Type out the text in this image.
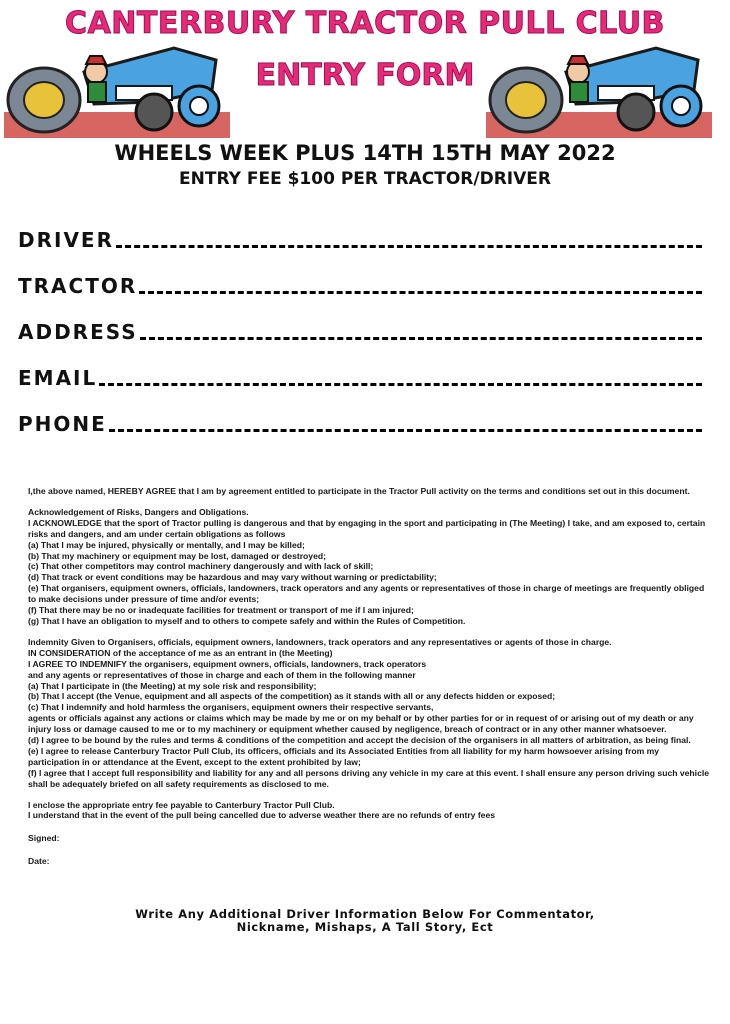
CANTERBURY TRACTOR PULL CLUB
ENTRY FORM
WHEELS WEEK PLUS 14TH 15TH MAY 2022
ENTRY FEE $100 PER TRACTOR/DRIVER
DRIVER
TRACTOR
ADDRESS
EMAIL
PHONE

I,the above named, HEREBY AGREE that I am by agreement entitled to participate in the Tractor Pull activity on the terms and conditions set out in this document.

Acknowledgement of Risks, Dangers and Obligations.

I ACKNOWLEDGE that the sport of Tractor pulling is dangerous and that by engaging in the sport and participating in (The Meeting) I take, and am exposed to, certain risks and dangers, and am under certain obligations as follows

(a) That I may be injured, physically or mentally, and I may be killed;

(b) That my machinery or equipment may be lost, damaged or destroyed;

(c) That other competitors may control machinery dangerously and with lack of skill;

(d) That track or event conditions may be hazardous and may vary without warning or predictability;

(e) That organisers, equipment owners, officials, landowners, track operators and any agents or representatives of those in charge of meetings are frequently obliged to make decisions under pressure of time and/or events;

(f) That there may be no or inadequate facilities for treatment or transport of me if I am injured;

(g) That I have an obligation to myself and to others to compete safely and within the Rules of Competition.

Indemnity Given to Organisers, officials, equipment owners, landowners, track operators and any representatives or agents of those in charge.

IN CONSIDERATION of the acceptance of me as an entrant in (the Meeting)

I AGREE TO INDEMNIFY the organisers, equipment owners, officials, landowners, track operators

and any agents or representatives of those in charge and each of them in the following manner

(a) That I participate in (the Meeting) at my sole risk and responsibility;

(b) That I accept (the Venue, equipment and all aspects of the competition) as it stands with all or any defects hidden or exposed;

(c) That I indemnify and hold harmless the organisers, equipment owners their respective servants,

agents or officials against any actions or claims which may be made by me or on my behalf or by other parties for or in request of or arising out of my death or any injury loss or damage caused to me or to my machinery or equipment whether caused by negligence, breach of contract or in any other manner whatsoever.

(d) I agree to be bound by the rules and terms & conditions of the competition and accept the decision of the organisers in all matters of arbitration, as being final.

(e) I agree to release Canterbury Tractor Pull Club, its officers, officials and its Associated Entities from all liability for my harm howsoever arising from my participation in or attendance at the Event, except to the extent prohibited by law;

(f) I agree that I accept full responsibility and liability for any and all persons driving any vehicle in my care at this event. I shall ensure any person driving such vehicle shall be adequately briefed on all safety requirements as disclosed to me.

I enclose the appropriate entry fee payable to Canterbury Tractor Pull Club.

I understand that in the event of the pull being cancelled due to adverse weather there are no refunds of entry fees

Signed:

Date:

Write Any Additional Driver Information Below For Commentator,
Nickname, Mishaps, A Tall Story, Ect
